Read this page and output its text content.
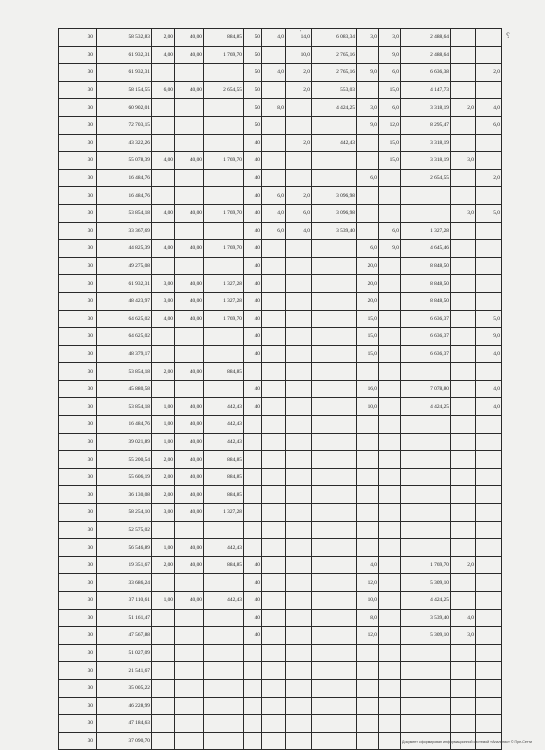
'	⸮
30	58 532,83	2,00	40,00	884,85	50	4,0	14,0	6 083,34	3,0	3,0	2 488,64		
30	61 932,31	4,00	40,00	1 769,70	50		10,0	2 765,16		9,0	2 488,64		
30	61 932,31				50	4,0	2,0	2 765,16	9,0	6,0	6 636,38		2,0
30	58 154,55	6,00	40,00	2 654,55	50		2,0	553,03		15,0	4 147,73		
30	60 902,01				50	8,0		4 424,25	3,0	6,0	3 318,19	2,0	4,0
30	72 703,15				50				9,0	12,0	8 295,47		6,0
30	43 322,26				40		2,0	442,43		15,0	3 318,19		
30	55 078,39	4,00	40,00	1 769,70	40					15,0	3 318,19	3,0	
30	16 484,76				40				6,0		2 654,55		2,0
30	16 484,76				40	6,0	2,0	3 096,98					
30	53 854,18	4,00	40,00	1 769,70	40	4,0	6,0	3 096,98				3,0	5,0
30	33 367,69				40	6,0	4,0	3 539,40		6,0	1 327,28		
30	44 825,39	4,00	40,00	1 769,70	40				6,0	9,0	4 645,46		
30	49 275,08				40				20,0		8 848,50		
30	61 932,31	3,00	40,00	1 327,28	40				20,0		8 848,50		
30	48 423,97	3,00	40,00	1 327,28	40				20,0		8 848,50		
30	64 625,02	4,00	40,00	1 769,70	40				15,0		6 636,37		5,0
30	64 625,02				40				15,0		6 636,37		9,0
30	48 379,17				40				15,0		6 636,37		4,0
30	53 854,18	2,00	40,00	884,85									
30	45 880,58				40				16,0		7 078,80		4,0
30	53 854,18	1,00	40,00	442,43	40				10,0		4 424,25		4,0
30	16 484,76	1,00	40,00	442,43									
30	39 021,89	1,00	40,00	442,43									
30	55 200,54	2,00	40,00	884,85									
30	55 606,19	2,00	40,00	884,85									
30	36 130,08	2,00	40,00	884,85									
30	58 254,10	3,00	40,00	1 327,28									
30	52 575,02												
30	56 546,89	1,00	40,00	442,43									
30	19 351,67	2,00	40,00	884,85	40				4,0		1 769,70	2,0	
30	33 686,24				40				12,0		5 309,10		
30	37 110,61	1,00	40,00	442,43	40				10,0		4 424,25		
30	51 161,47				40				8,0		3 539,40	4,0	
30	47 567,88				40				12,0		5 309,10	3,0	
30	51 027,09												
30	21 541,67												
30	35 005,22												
30	46 228,99												
30	47 184,63												
30	37 090,70													Документ сформирован информационной системой «Аналитик» © Пре-Сетти
